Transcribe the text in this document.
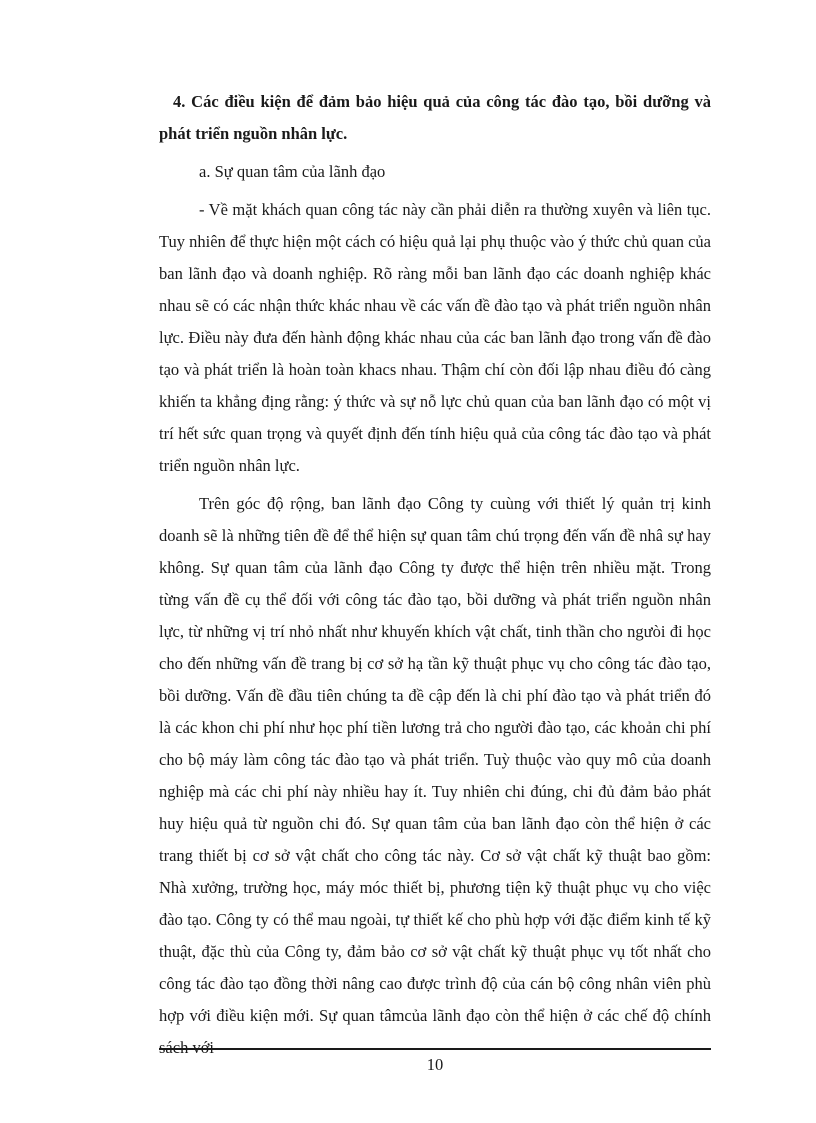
4. Các điều kiện để đảm bảo hiệu quả của công tác đào tạo, bồi dưỡng và phát triển nguồn nhân lực.

a. Sự quan tâm của lãnh đạo

- Về mặt khách quan công tác này cần phải diễn ra thường xuyên và liên tục. Tuy nhiên để thực hiện một cách có hiệu quả lại phụ thuộc vào ý thức chủ quan của ban lãnh đạo và doanh nghiệp. Rõ ràng mỗi ban lãnh đạo các doanh nghiệp khác nhau sẽ có các nhận thức khác nhau về các vấn đề đào tạo và phát triển nguồn nhân lực. Điều này đưa đến hành động khác nhau của các ban lãnh đạo trong vấn đề đào tạo và phát triển là hoàn toàn khacs nhau. Thậm chí còn đối lập nhau điều đó càng khiến ta khẳng địng rằng: ý thức và sự nỗ lực chủ quan của ban lãnh đạo có một vị trí hết sức quan trọng và quyết định đến tính hiệu quả của công tác đào tạo và phát triển nguồn nhân lực.

Trên góc độ rộng, ban lãnh đạo Công ty cuùng với thiết lý quản trị kinh doanh sẽ là những tiên đề để thể hiện sự quan tâm chú trọng đến vấn đề nhâ sự hay không. Sự quan tâm của lãnh đạo Công ty được thể hiện trên nhiều mặt. Trong từng vấn đề cụ thể đối với công tác đào tạo, bồi dưỡng và phát triển nguồn nhân lực, từ những vị trí nhỏ nhất như khuyến khích vật chất, tinh thần cho ngưòi đi học cho đến những vấn đề trang bị cơ sở hạ tần kỹ thuật phục vụ cho công tác đào tạo, bồi dưỡng. Vấn đề đầu tiên chúng ta đề cập đến là chi phí đào tạo và phát triển đó là các khon chi phí như học phí tiền lương trả cho người đào tạo, các khoản chi phí cho bộ máy làm công tác đào tạo và phát triển. Tuỳ thuộc vào quy mô của doanh nghiệp mà các chi phí này nhiều hay ít. Tuy nhiên chi đúng, chi đủ đảm bảo phát huy hiệu quả từ nguồn chi đó. Sự quan tâm của ban lãnh đạo còn thể hiện ở các trang thiết bị cơ sở vật chất cho công tác này. Cơ sở vật chất kỹ thuật bao gồm: Nhà xưởng, trường học, máy móc thiết bị, phương tiện kỹ thuật phục vụ cho việc đào tạo. Công ty có thể mau ngoài, tự thiết kế cho phù hợp với đặc điểm kinh tế kỹ thuật, đặc thù của Công ty, đảm bảo cơ sở vật chất kỹ thuật phục vụ tốt nhất cho công tác đào tạo đồng thời nâng cao được trình độ của cán bộ công nhân viên phù hợp với điều kiện mới. Sự quan tâmcủa lãnh đạo còn thể hiện ở các chế độ chính sách với

10
